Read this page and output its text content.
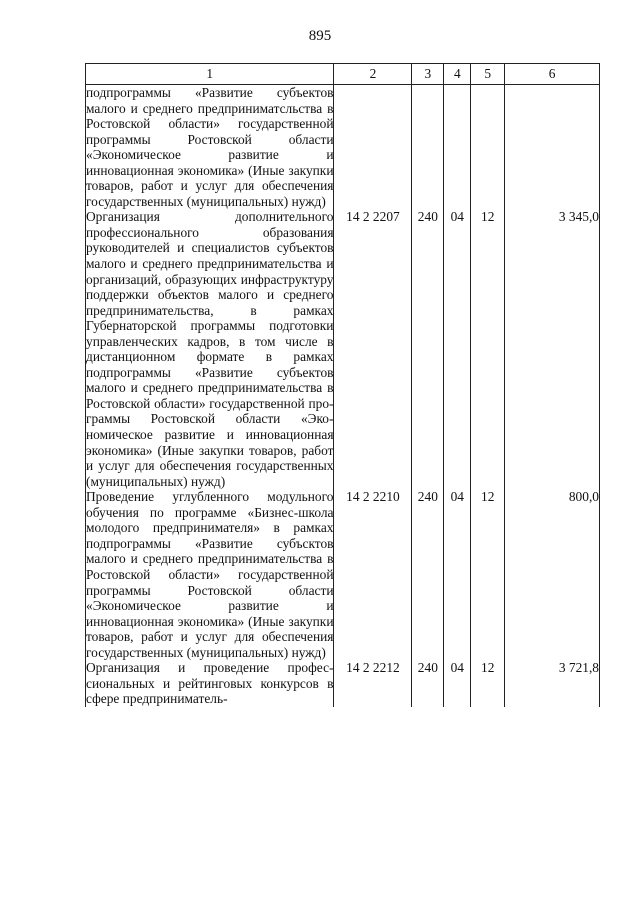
895
1	2	3	4	5	6
подпрограммы «Развитие субъектов малого и среднего предприниматсльства в Ростовской области» государственной программы Ростовской области «Экономическое развитие и инновационная экономика» (Иные закупки товаров, работ и услуг для обеспечения государственных (муниципальных) нужд)					
Организация дополнительного профессионального образования руководителей и специалистов субъектов малого и среднего предпринимательства и организаций, образующих инфраструктуру поддержки объектов малого и среднего предпринимательства, в рамках Губернаторской программы подготовки управленческих кадров, в том числе в дистанционном формате в рамках подпрограммы «Развитие субъектов малого и среднего предпринимательства в Ростовской области» государственной программы Ростовской области «Экономическое развитие и инновационная экономика» (Иные закупки товаров, работ и услуг для обеспечения государственных (муниципальных) нужд)	14 2 2207	240	04	12	3 345,0
Проведение углубленного модульного обучения по программе «Бизнес-школа молодого предпринимателя» в рамках подпрограммы «Развитие субъсктов малого и среднего предпринимательства в Ростовской области» государственной программы Ростовской области «Экономическое развитие и инновационная экономика» (Иные закупки товаров, работ и услуг для обеспечения государственных (муниципальных) нужд)	14 2 2210	240	04	12	800,0
Организация и проведение профессиональных и рейтинговых конкурсов в сфере предприниматель-	14 2 2212	240	04	12	3 721,8
